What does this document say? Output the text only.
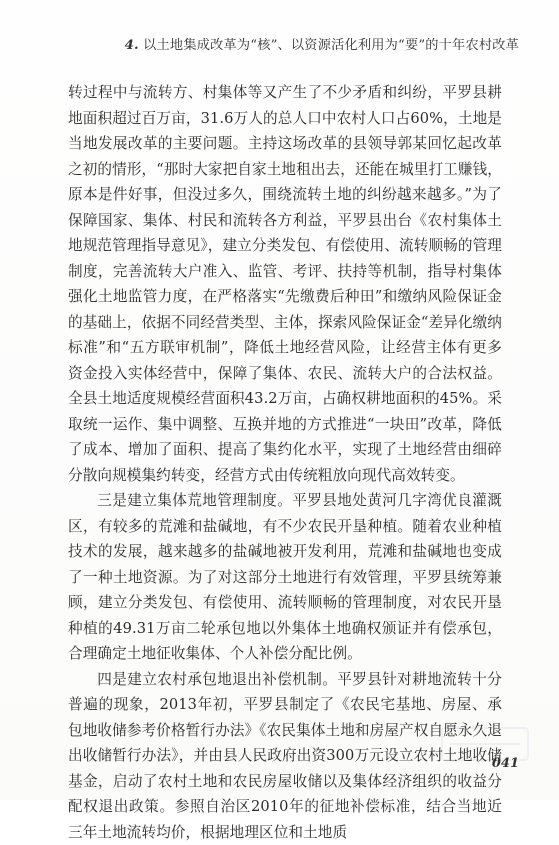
4. 以土地集成改革为“核”、以资源活化利用为“要”的十年农村改革

转过程中与流转方、村集体等又产生了不少矛盾和纠纷，平罗县耕地面积超过百万亩，31.6万人的总人口中农村人口占60%，土地是当地发展改革的主要问题。主持这场改革的县领导郭某回忆起改革之初的情形，“那时大家把自家土地租出去，还能在城里打工赚钱，原本是件好事，但没过多久，围绕流转土地的纠纷越来越多。”为了保障国家、集体、村民和流转各方利益，平罗县出台《农村集体土地规范管理指导意见》，建立分类发包、有偿使用、流转顺畅的管理制度，完善流转大户准入、监管、考评、扶持等机制，指导村集体强化土地监管力度，在严格落实“先缴费后种田”和缴纳风险保证金的基础上，依据不同经营类型、主体，探索风险保证金“差异化缴纳标准”和“五方联审机制”，降低土地经营风险，让经营主体有更多资金投入实体经营中，保障了集体、农民、流转大户的合法权益。全县土地适度规模经营面积43.2万亩，占确权耕地面积的45%。采取统一运作、集中调整、互换并地的方式推进“一块田”改革，降低了成本、增加了面积、提高了集约化水平，实现了土地经营由细碎分散向规模集约转变，经营方式由传统粗放向现代高效转变。

三是建立集体荒地管理制度。平罗县地处黄河几字湾优良灌溉区，有较多的荒滩和盐碱地，有不少农民开垦种植。随着农业种植技术的发展，越来越多的盐碱地被开发利用，荒滩和盐碱地也变成了一种土地资源。为了对这部分土地进行有效管理，平罗县统筹兼顾，建立分类发包、有偿使用、流转顺畅的管理制度，对农民开垦种植的49.31万亩二轮承包地以外集体土地确权颁证并有偿承包，合理确定土地征收集体、个人补偿分配比例。

四是建立农村承包地退出补偿机制。平罗县针对耕地流转十分普遍的现象，2013年初，平罗县制定了《农民宅基地、房屋、承包地收储参考价格暂行办法》《农民集体土地和房屋产权自愿永久退出收储暂行办法》，并由县人民政府出资300万元设立农村土地收储基金，启动了农村土地和农民房屋收储以及集体经济组织的收益分配权退出政策。参照自治区2010年的征地补偿标准，结合当地近三年土地流转均价，根据地理区位和土地质

041
